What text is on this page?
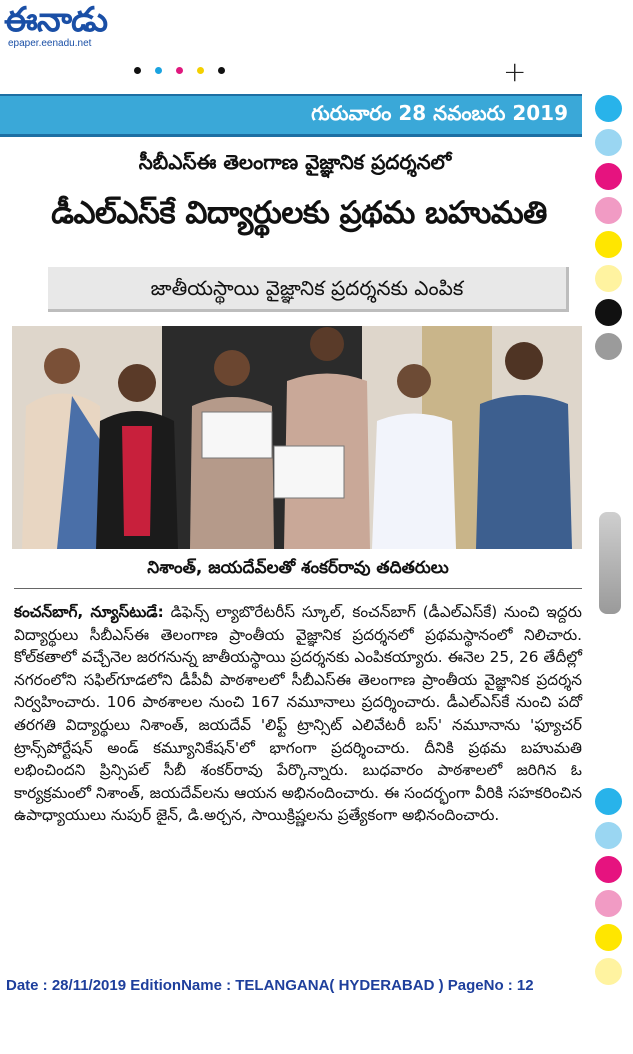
ఈనాడు
epaper.eenadu.net
+
గురువారం 28 నవంబరు 2019
సీబీఎస్‌ఈ తెలంగాణ వైజ్ఞానిక ప్రదర్శనలో
డీఎల్‌ఎస్‌కే విద్యార్థులకు ప్రథమ బహుమతి
జాతీయస్థాయి వైజ్ఞానిక ప్రదర్శనకు ఎంపిక
నిశాంత్, జయదేవ్‌లతో శంకర్‌రావు తదితరులు

కంచన్‌బాగ్, న్యూస్‌టుడే: డిఫెన్స్ ల్యాబొరేటరీస్ స్కూల్, కంచన్‌బాగ్ (డీఎల్‌ఎస్‌కే) నుంచి ఇద్దరు విద్యార్థులు సీబీఎస్‌ఈ తెలంగాణ ప్రాంతీయ వైజ్ఞానిక ప్రదర్శనలో ప్రథమస్థానంలో నిలిచారు. కోల్‌కతాలో వచ్చేనెల జరగనున్న జాతీయస్థాయి ప్రదర్శనకు ఎంపికయ్యారు. ఈనెల 25, 26 తేదీల్లో నగరంలోని సఫిల్‌గూడలోని డీపీవీ పాఠశాలలో సీబీఎస్‌ఈ తెలంగాణ ప్రాంతీయ వైజ్ఞానిక ప్రదర్శన నిర్వహించారు. 106 పాఠశాలల నుంచి 167 నమూనాలు ప్రదర్శించారు. డీఎల్‌ఎస్‌కే నుంచి పదో తరగతి విద్యార్థులు నిశాంత్, జయదేవ్ 'లిఫ్ట్ ట్రాన్సిట్ ఎలివేటరీ బస్' నమూనాను 'ఫ్యూచర్ ట్రాన్స్‌పోర్టేషన్ అండ్ కమ్యూనికేషన్‌'లో భాగంగా ప్రదర్శించారు. దీనికి ప్రథమ బహుమతి లభించిందని ప్రిన్సిపల్ సీబీ శంకర్‌రావు పేర్కొన్నారు. బుధవారం పాఠశాలలో జరిగిన ఓ కార్యక్రమంలో నిశాంత్, జయదేవ్‌లను ఆయన అభినందించారు. ఈ సందర్భంగా వీరికి సహకరించిన ఉపాధ్యాయులు నుపుర్ జైన్, డి.అర్చన, సాయిక్రిష్ణలను ప్రత్యేకంగా అభినందించారు.

Date : 28/11/2019 EditionName : TELANGANA( HYDERABAD ) PageNo : 12
